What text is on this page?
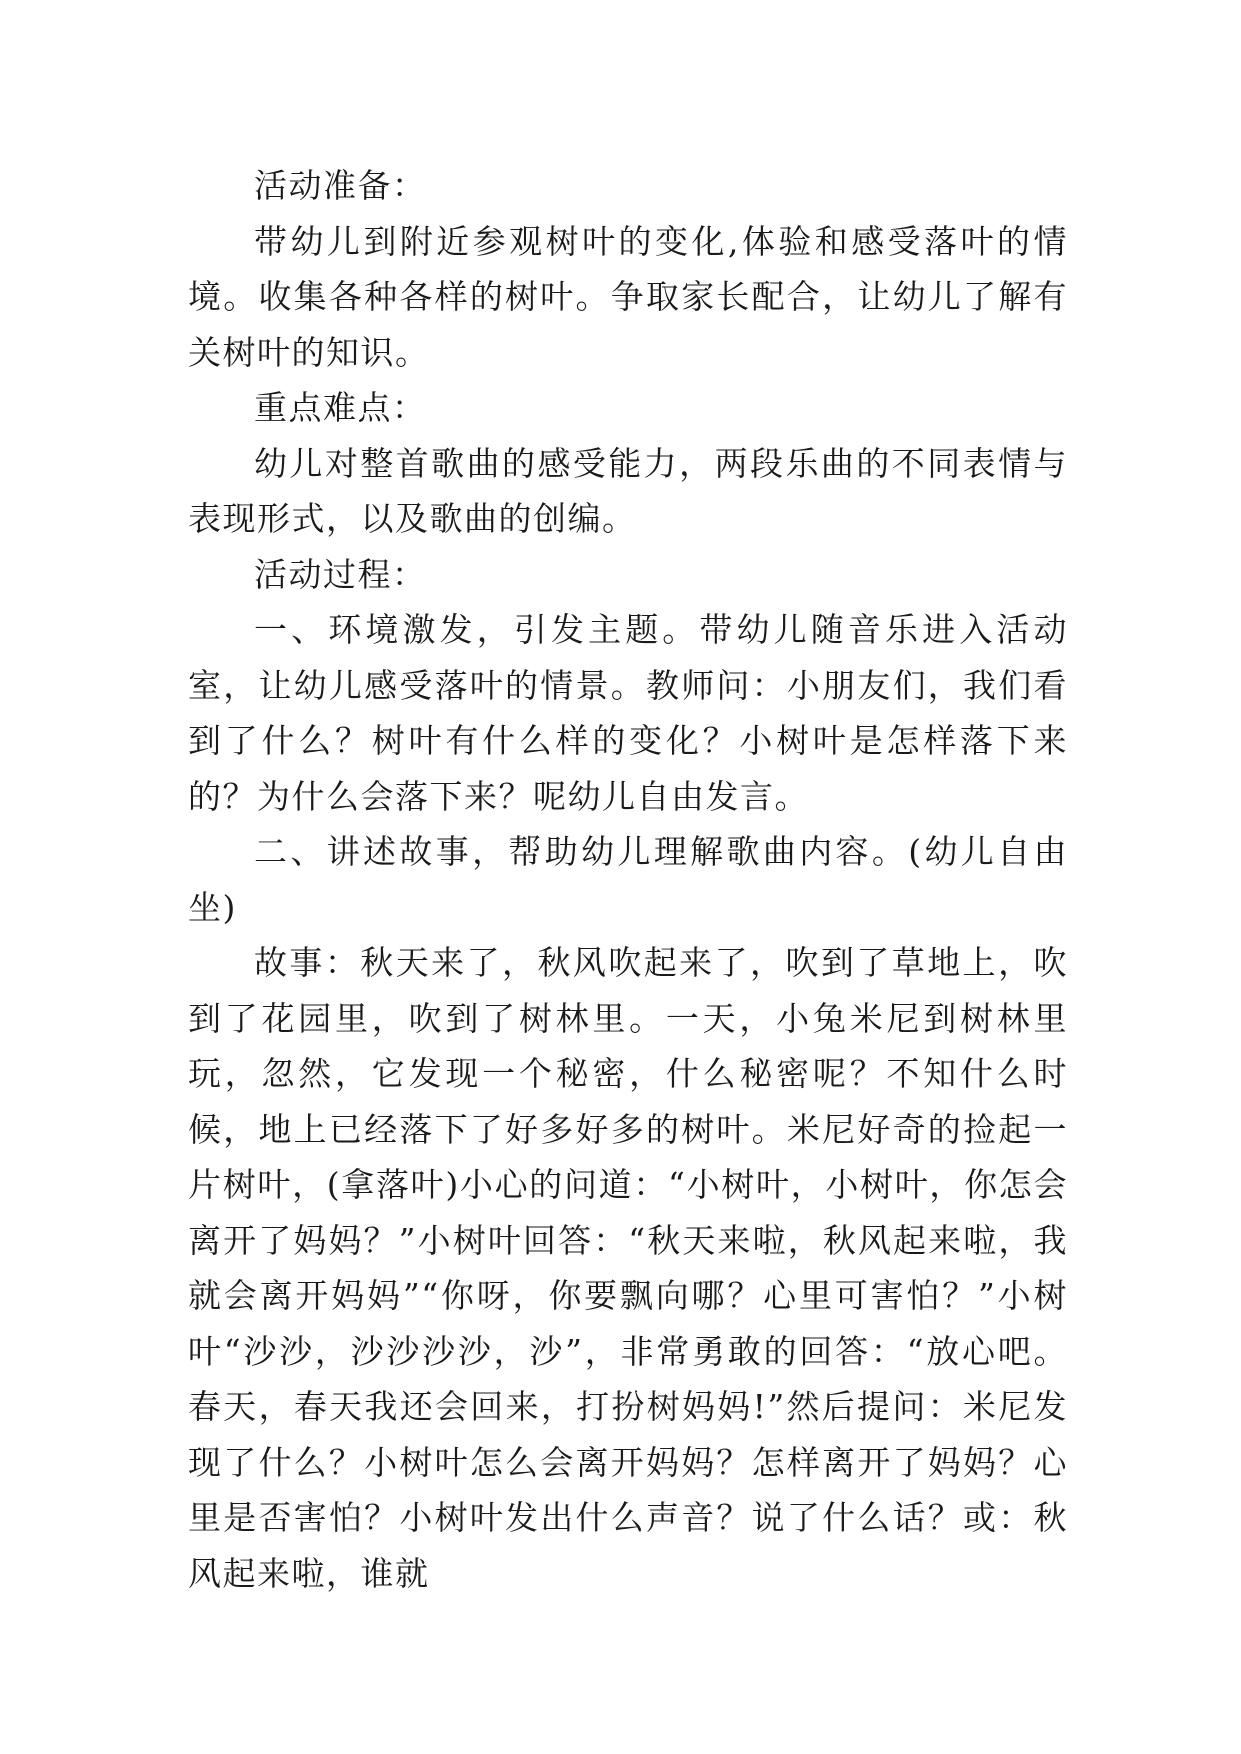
活动准备：

带幼儿到附近参观树叶的变化,体验和感受落叶的情境。收集各种各样的树叶。争取家长配合，让幼儿了解有关树叶的知识。

重点难点：

幼儿对整首歌曲的感受能力，两段乐曲的不同表情与表现形式，以及歌曲的创编。

活动过程：

一、环境激发，引发主题。带幼儿随音乐进入活动室，让幼儿感受落叶的情景。教师问：小朋友们，我们看到了什么？树叶有什么样的变化？小树叶是怎样落下来的？为什么会落下来？呢幼儿自由发言。

二、讲述故事，帮助幼儿理解歌曲内容。(幼儿自由坐)

故事：秋天来了，秋风吹起来了，吹到了草地上，吹到了花园里，吹到了树林里。一天，小兔米尼到树林里玩，忽然，它发现一个秘密，什么秘密呢？不知什么时候，地上已经落下了好多好多的树叶。米尼好奇的捡起一片树叶，(拿落叶)小心的问道：“小树叶，小树叶，你怎会离开了妈妈？”小树叶回答：“秋天来啦，秋风起来啦，我就会离开妈妈”“你呀，你要飘向哪？心里可害怕？”小树叶“沙沙，沙沙沙沙，沙”，非常勇敢的回答：“放心吧。春天，春天我还会回来，打扮树妈妈!”然后提问：米尼发现了什么？小树叶怎么会离开妈妈？怎样离开了妈妈？心里是否害怕？小树叶发出什么声音？说了什么话？或：秋风起来啦，谁就
